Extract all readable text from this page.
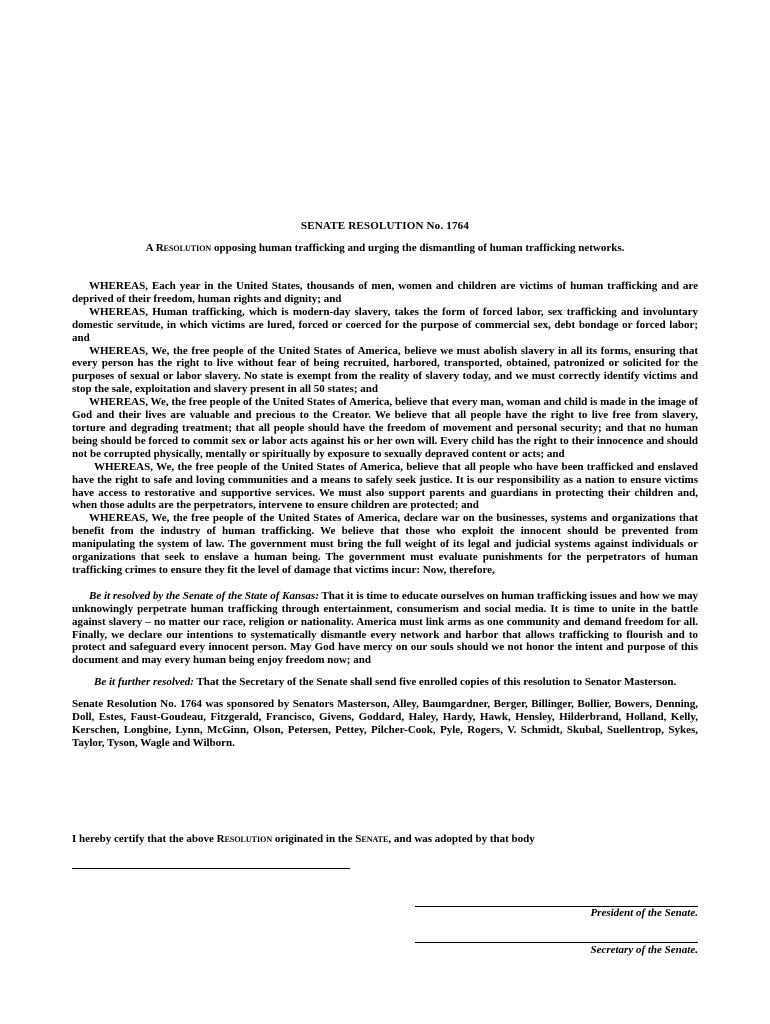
SENATE RESOLUTION No. 1764
A Resolution opposing human trafficking and urging the dismantling of human trafficking networks.

WHEREAS, Each year in the United States, thousands of men, women and children are victims of human trafficking and are deprived of their freedom, human rights and dignity; and

WHEREAS, Human trafficking, which is modern-day slavery, takes the form of forced labor, sex trafficking and involuntary domestic servitude, in which victims are lured, forced or coerced for the purpose of commercial sex, debt bondage or forced labor; and

WHEREAS, We, the free people of the United States of America, believe we must abolish slavery in all its forms, ensuring that every person has the right to live without fear of being recruited, harbored, transported, obtained, patronized or solicited for the purposes of sexual or labor slavery. No state is exempt from the reality of slavery today, and we must correctly identify victims and stop the sale, exploitation and slavery present in all 50 states; and

WHEREAS, We, the free people of the United States of America, believe that every man, woman and child is made in the image of God and their lives are valuable and precious to the Creator. We believe that all people have the right to live free from slavery, torture and degrading treatment; that all people should have the freedom of movement and personal security; and that no human being should be forced to commit sex or labor acts against his or her own will. Every child has the right to their innocence and should not be corrupted physically, mentally or spiritually by exposure to sexually depraved content or acts; and

WHEREAS, We, the free people of the United States of America, believe that all people who have been trafficked and enslaved have the right to safe and loving communities and a means to safely seek justice. It is our responsibility as a nation to ensure victims have access to restorative and supportive services. We must also support parents and guardians in protecting their children and, when those adults are the perpetrators, intervene to ensure children are protected; and

WHEREAS, We, the free people of the United States of America, declare war on the businesses, systems and organizations that benefit from the industry of human trafficking. We believe that those who exploit the innocent should be prevented from manipulating the system of law. The government must bring the full weight of its legal and judicial systems against individuals or organizations that seek to enslave a human being. The government must evaluate punishments for the perpetrators of human trafficking crimes to ensure they fit the level of damage that victims incur: Now, therefore,

Be it resolved by the Senate of the State of Kansas: That it is time to educate ourselves on human trafficking issues and how we may unknowingly perpetrate human trafficking through entertainment, consumerism and social media. It is time to unite in the battle against slavery – no matter our race, religion or nationality. America must link arms as one community and demand freedom for all. Finally, we declare our intentions to systematically dismantle every network and harbor that allows trafficking to flourish and to protect and safeguard every innocent person. May God have mercy on our souls should we not honor the intent and purpose of this document and may every human being enjoy freedom now; and

Be it further resolved: That the Secretary of the Senate shall send five enrolled copies of this resolution to Senator Masterson.

Senate Resolution No. 1764 was sponsored by Senators Masterson, Alley, Baumgardner, Berger, Billinger, Bollier, Bowers, Denning, Doll, Estes, Faust-Goudeau, Fitzgerald, Francisco, Givens, Goddard, Haley, Hardy, Hawk, Hensley, Hilderbrand, Holland, Kelly, Kerschen, Longbine, Lynn, McGinn, Olson, Petersen, Pettey, Pilcher-Cook, Pyle, Rogers, V. Schmidt, Skubal, Suellentrop, Sykes, Taylor, Tyson, Wagle and Wilborn.

I hereby certify that the above Resolution originated in the Senate, and was adopted by that body
President of the Senate.
Secretary of the Senate.
